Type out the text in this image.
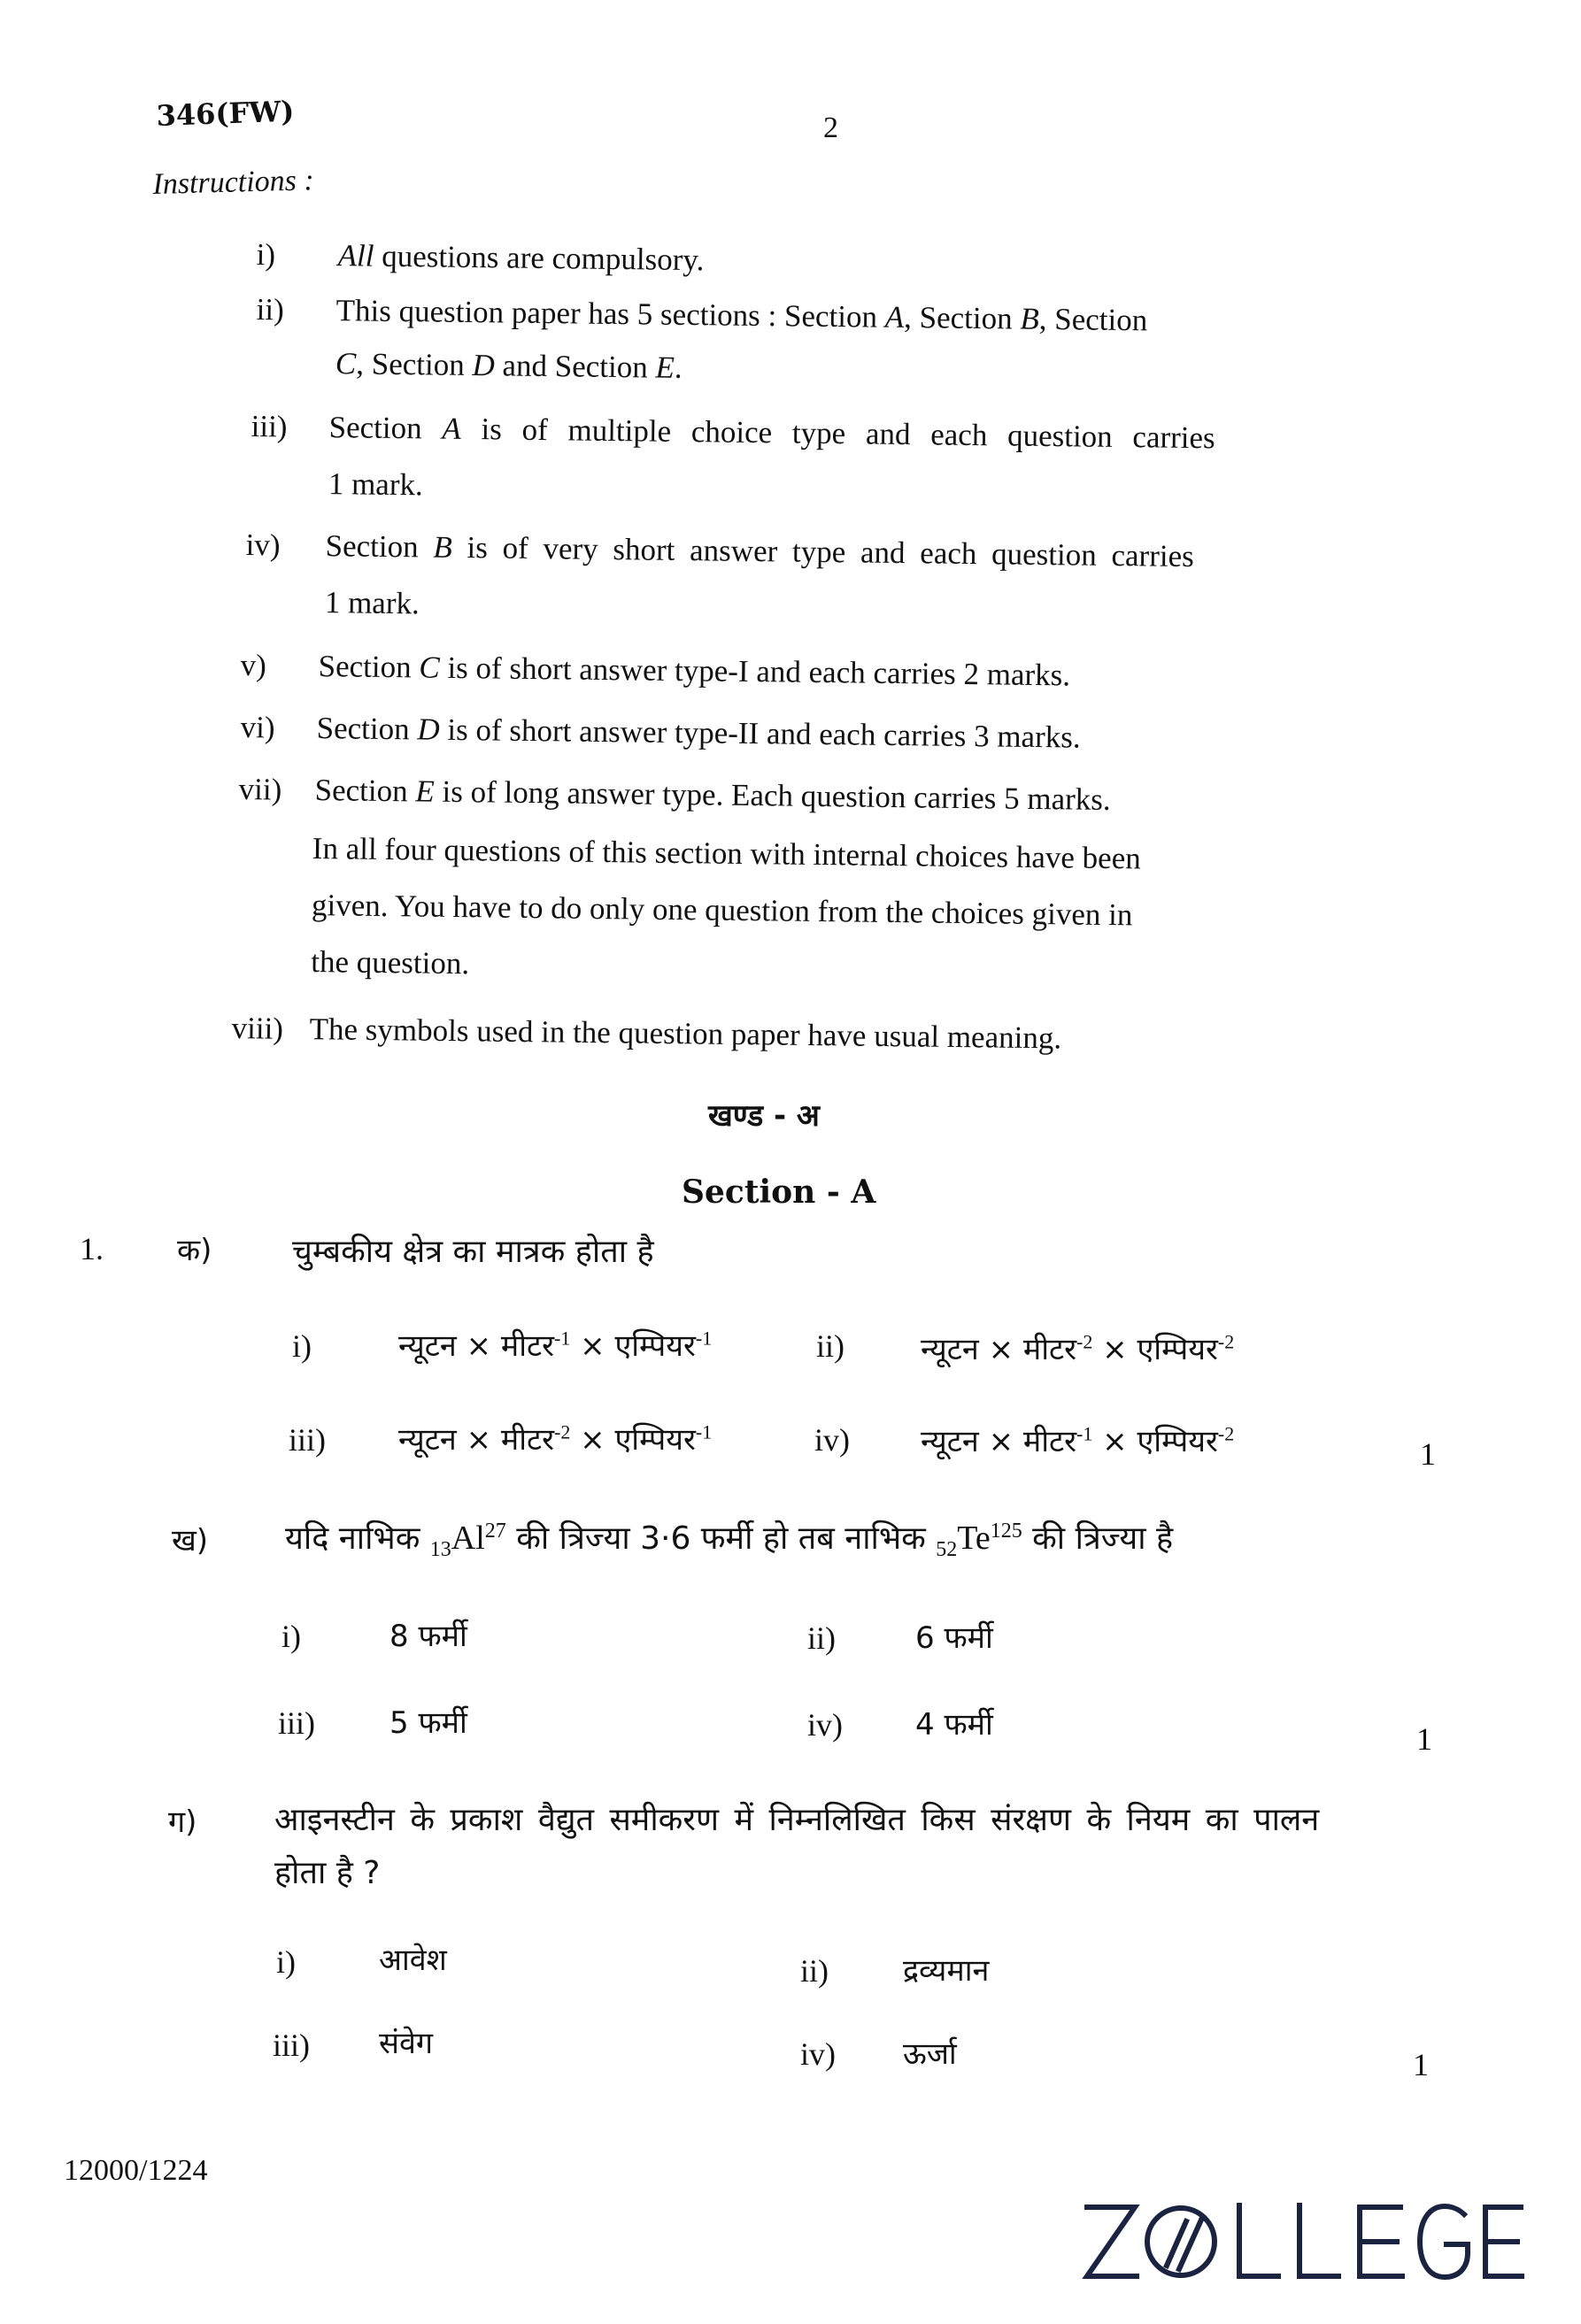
346(FW)	2
Instructions :
i) All questions are compulsory.
ii) This question paper has 5 sections : Section A, Section B, Section
C, Section D and Section E.
iii) Section A is of multiple choice type and each question carries
1 mark.
iv) Section B is of very short answer type and each question carries
1 mark.
v) Section C is of short answer type-I and each carries 2 marks.
vi) Section D is of short answer type-II and each carries 3 marks.
vii) Section E is of long answer type. Each question carries 5 marks.
In all four questions of this section with internal choices have been
given. You have to do only one question from the choices given in
the question.
viii) The symbols used in the question paper have usual meaning.
खण्ड - अ
Section - A
1. क)	चुम्बकीय क्षेत्र का मात्रक होता है
i)	न्यूटन × मीटर$^{-1}$ × एम्पियर$^{-1}$	ii)	न्यूटन × मीटर$^{-2}$ × एम्पियर$^{-2}$
iii) न्यूटन × मीटर$^{-2}$ × एम्पियर$^{-1}$	iv) न्यूटन × मीटर$^{-1}$ × एम्पियर$^{-2}$
1
ख) यदि नाभिक $_{13}Al^{27}$ की त्रिज्या 3·6 फर्मी हो तब नाभिक $_{52}Te^{125}$ की त्रिज्या है
i)	8 फर्मी	ii)	6 फर्मी
iii) 5 फर्मी	iv) 4 फर्मी	1
ग) आइनस्टीन के प्रकाश वैद्युत समीकरण में निम्नलिखित किस संरक्षण के नियम का पालन
होता है ?
i)	आवेश	ii) द्रव्यमान
iii) संवेग	iv) ऊर्जा	1
12000/1224
